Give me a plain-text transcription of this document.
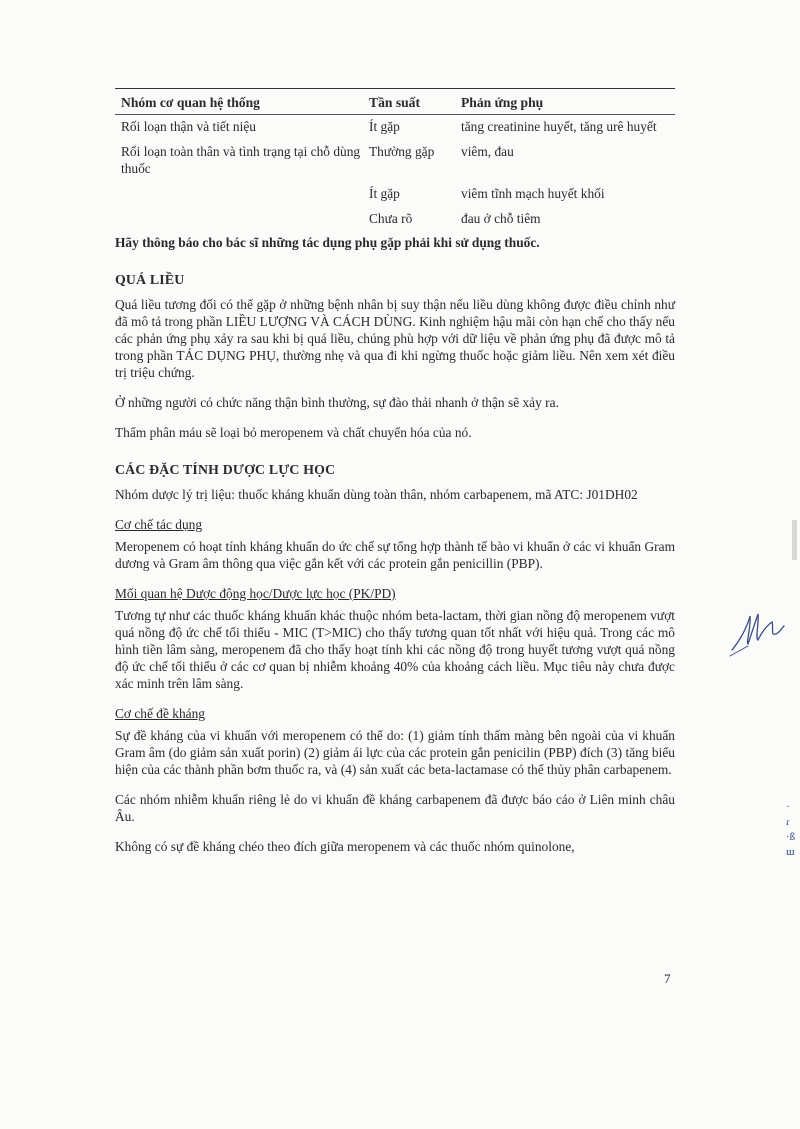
Nhóm cơ quan hệ thống	Tần suất	Phản ứng phụ
Rối loạn thận và tiết niệu	Ít gặp	tăng creatinine huyết, tăng urê huyết
Rối loạn toàn thân và tình trạng tại chỗ dùng thuốc	Thường gặp	viêm, đau
	Ít gặp	viêm tĩnh mạch huyết khối
	Chưa rõ	đau ở chỗ tiêm
Hãy thông báo cho bác sĩ những tác dụng phụ gặp phải khi sử dụng thuốc.
QUÁ LIỀU

Quá liều tương đối có thể gặp ở những bệnh nhân bị suy thận nếu liều dùng không được điều chỉnh như đã mô tả trong phần LIỀU LƯỢNG VÀ CÁCH DÙNG. Kinh nghiệm hậu mãi còn hạn chế cho thấy nếu các phản ứng phụ xảy ra sau khi bị quá liều, chúng phù hợp với dữ liệu về phản ứng phụ đã được mô tả trong phần TÁC DỤNG PHỤ, thường nhẹ và qua đi khi ngừng thuốc hoặc giảm liều. Nên xem xét điều trị triệu chứng.

Ở những người có chức năng thận bình thường, sự đào thải nhanh ở thận sẽ xảy ra.

Thẩm phân máu sẽ loại bỏ meropenem và chất chuyển hóa của nó.

CÁC ĐẶC TÍNH DƯỢC LỰC HỌC

Nhóm dược lý trị liệu: thuốc kháng khuẩn dùng toàn thân, nhóm carbapenem, mã ATC: J01DH02

Cơ chế tác dụng

Meropenem có hoạt tính kháng khuẩn do ức chế sự tổng hợp thành tế bào vi khuẩn ở các vi khuẩn Gram dương và Gram âm thông qua việc gắn kết với các protein gắn penicillin (PBP).

Mối quan hệ Dược động học/Dược lực học (PK/PD)

Tương tự như các thuốc kháng khuẩn khác thuộc nhóm beta-lactam, thời gian nồng độ meropenem vượt quá nồng độ ức chế tối thiểu - MIC (T>MIC) cho thấy tương quan tốt nhất với hiệu quả. Trong các mô hình tiền lâm sàng, meropenem đã cho thấy hoạt tính khi các nồng độ trong huyết tương vượt quá nồng độ ức chế tối thiểu ở các cơ quan bị nhiễm khoảng 40% của khoảng cách liều. Mục tiêu này chưa được xác minh trên lâm sàng.

Cơ chế đề kháng

Sự đề kháng của vi khuẩn với meropenem có thể do: (1) giảm tính thấm màng bên ngoài của vi khuẩn Gram âm (do giảm sản xuất porin) (2) giảm ái lực của các protein gắn penicilin (PBP) đích (3) tăng biểu hiện của các thành phần bơm thuốc ra, và (4) sản xuất các beta-lactamase có thể thủy phân carbapenem.

Các nhóm nhiễm khuẩn riêng lẻ do vi khuẩn đề kháng carbapenem đã được báo cáo ở Liên minh châu Âu.

Không có sự đề kháng chéo theo đích giữa meropenem và các thuốc nhóm quinolone,

7
·
ɾ
·ß
ɯ
